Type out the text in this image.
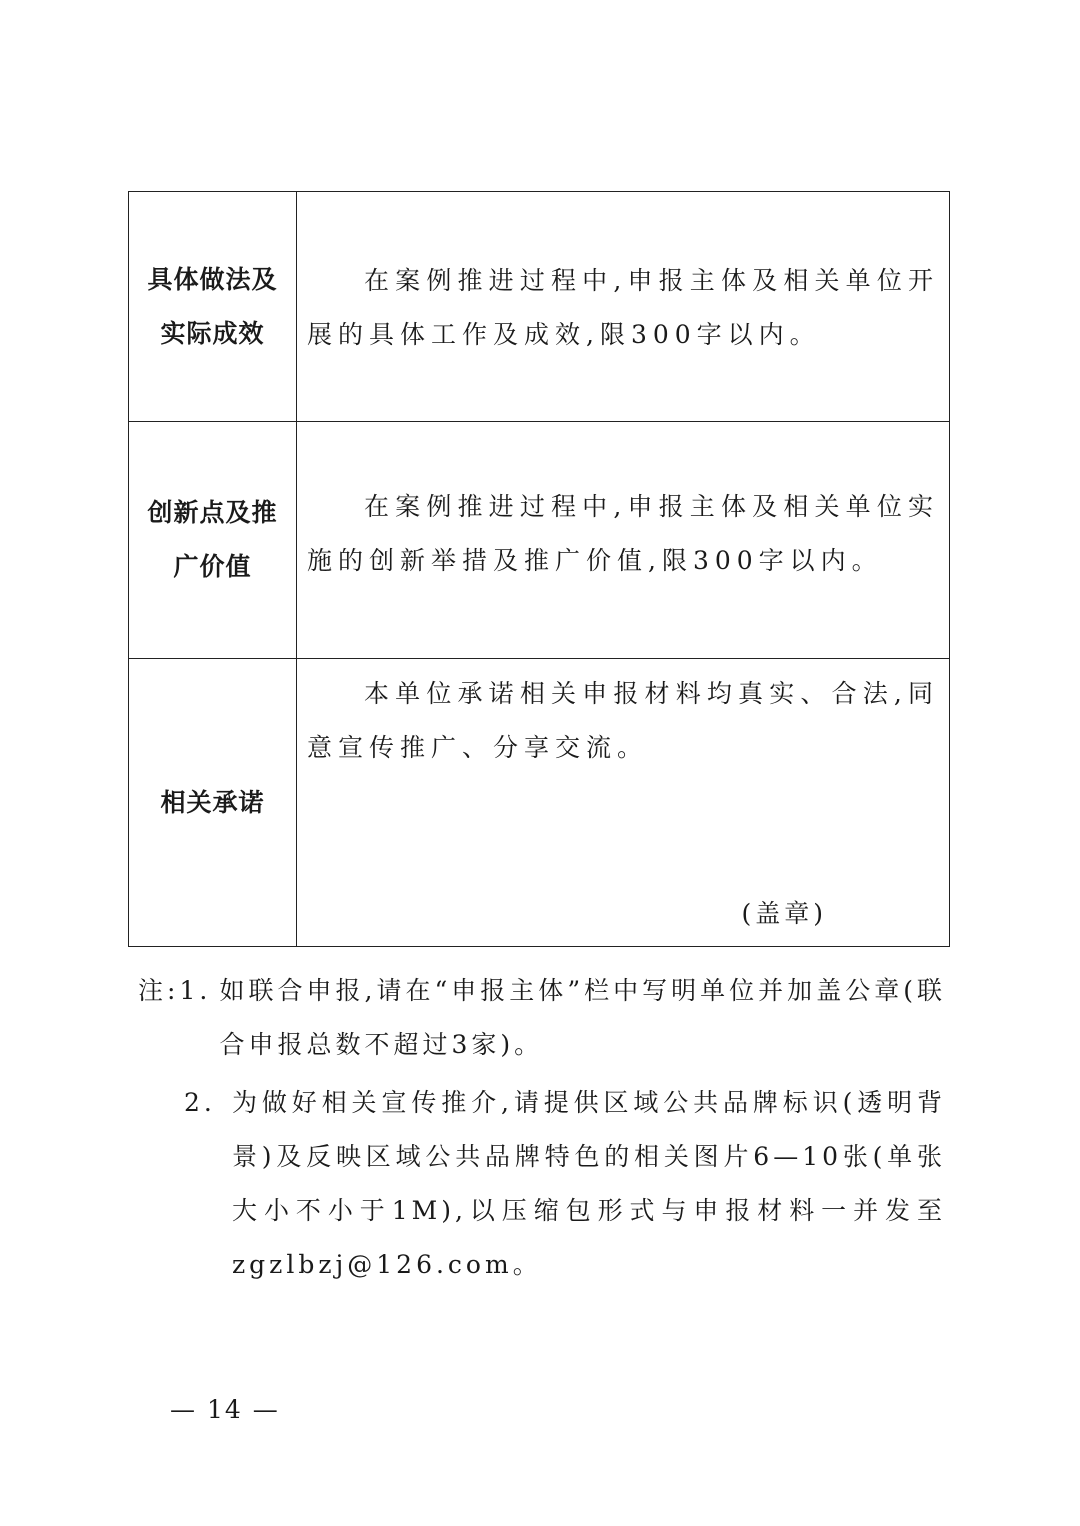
具体做法及实际成效

在案例推进过程中,申报主体及相关单位开展的具体工作及成效,限300字以内。

创新点及推广价值

在案例推进过程中,申报主体及相关单位实施的创新举措及推广价值,限300字以内。

相关承诺

本单位承诺相关申报材料均真实、合法,同意宣传推广、分享交流。

(盖章)
注: 1. 如联合申报,请在“申报主体”栏中写明单位并加盖公章(联合申报总数不超过3家)。

2. 为做好相关宣传推介,请提供区域公共品牌标识(透明背景)及反映区域公共品牌特色的相关图片6—10张(单张大小不小于1M),以压缩包形式与申报材料一并发至zgzlbzj@126.com。

— 14 —
